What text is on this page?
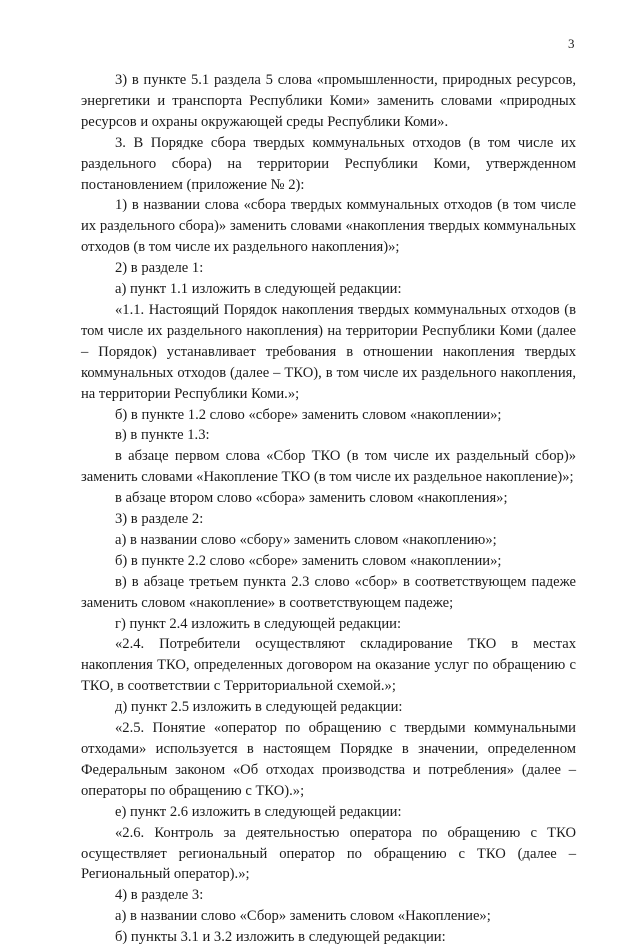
3

3) в пункте 5.1 раздела 5 слова «промышленности, природных ресурсов, энергетики и транспорта Республики Коми» заменить словами «природных ресурсов и охраны окружающей среды Республики Коми».

3. В Порядке сбора твердых коммунальных отходов (в том числе их раздельного сбора) на территории Республики Коми, утвержденном постановлением (приложение № 2):

1) в названии слова «сбора твердых коммунальных отходов (в том числе их раздельного сбора)» заменить словами «накопления твердых коммунальных отходов (в том числе их раздельного накопления)»;

2) в разделе 1:

а) пункт 1.1 изложить в следующей редакции:

«1.1. Настоящий Порядок накопления твердых коммунальных отходов (в том числе их раздельного накопления) на территории Республики Коми (далее – Порядок) устанавливает требования в отношении накопления твердых коммунальных отходов (далее – ТКО), в том числе их раздельного накопления, на территории Республики Коми.»;

б) в пункте 1.2 слово «сборе» заменить словом «накоплении»;

в) в пункте 1.3:

в абзаце первом слова «Сбор ТКО (в том числе их раздельный сбор)» заменить словами «Накопление ТКО (в том числе их раздельное накопление)»;

в абзаце втором слово «сбора» заменить словом «накопления»;

3) в разделе 2:

а) в названии слово «сбору» заменить словом «накоплению»;

б) в пункте 2.2 слово «сборе» заменить словом «накоплении»;

в) в абзаце третьем пункта 2.3 слово «сбор» в соответствующем падеже заменить словом «накопление» в соответствующем падеже;

г) пункт 2.4 изложить в следующей редакции:

«2.4. Потребители осуществляют складирование ТКО в местах накопления ТКО, определенных договором на оказание услуг по обращению с ТКО, в соответствии с Территориальной схемой.»;

д) пункт 2.5 изложить в следующей редакции:

«2.5. Понятие «оператор по обращению с твердыми коммунальными отходами» используется в настоящем Порядке в значении, определенном Федеральным законом «Об отходах производства и потребления» (далее – операторы по обращению с ТКО).»;

е) пункт 2.6 изложить в следующей редакции:

«2.6. Контроль за деятельностью оператора по обращению с ТКО осуществляет региональный оператор по обращению с ТКО (далее – Региональный оператор).»;

4) в разделе 3:

а) в названии слово «Сбор» заменить словом «Накопление»;

б) пункты 3.1 и 3.2 изложить в следующей редакции:
